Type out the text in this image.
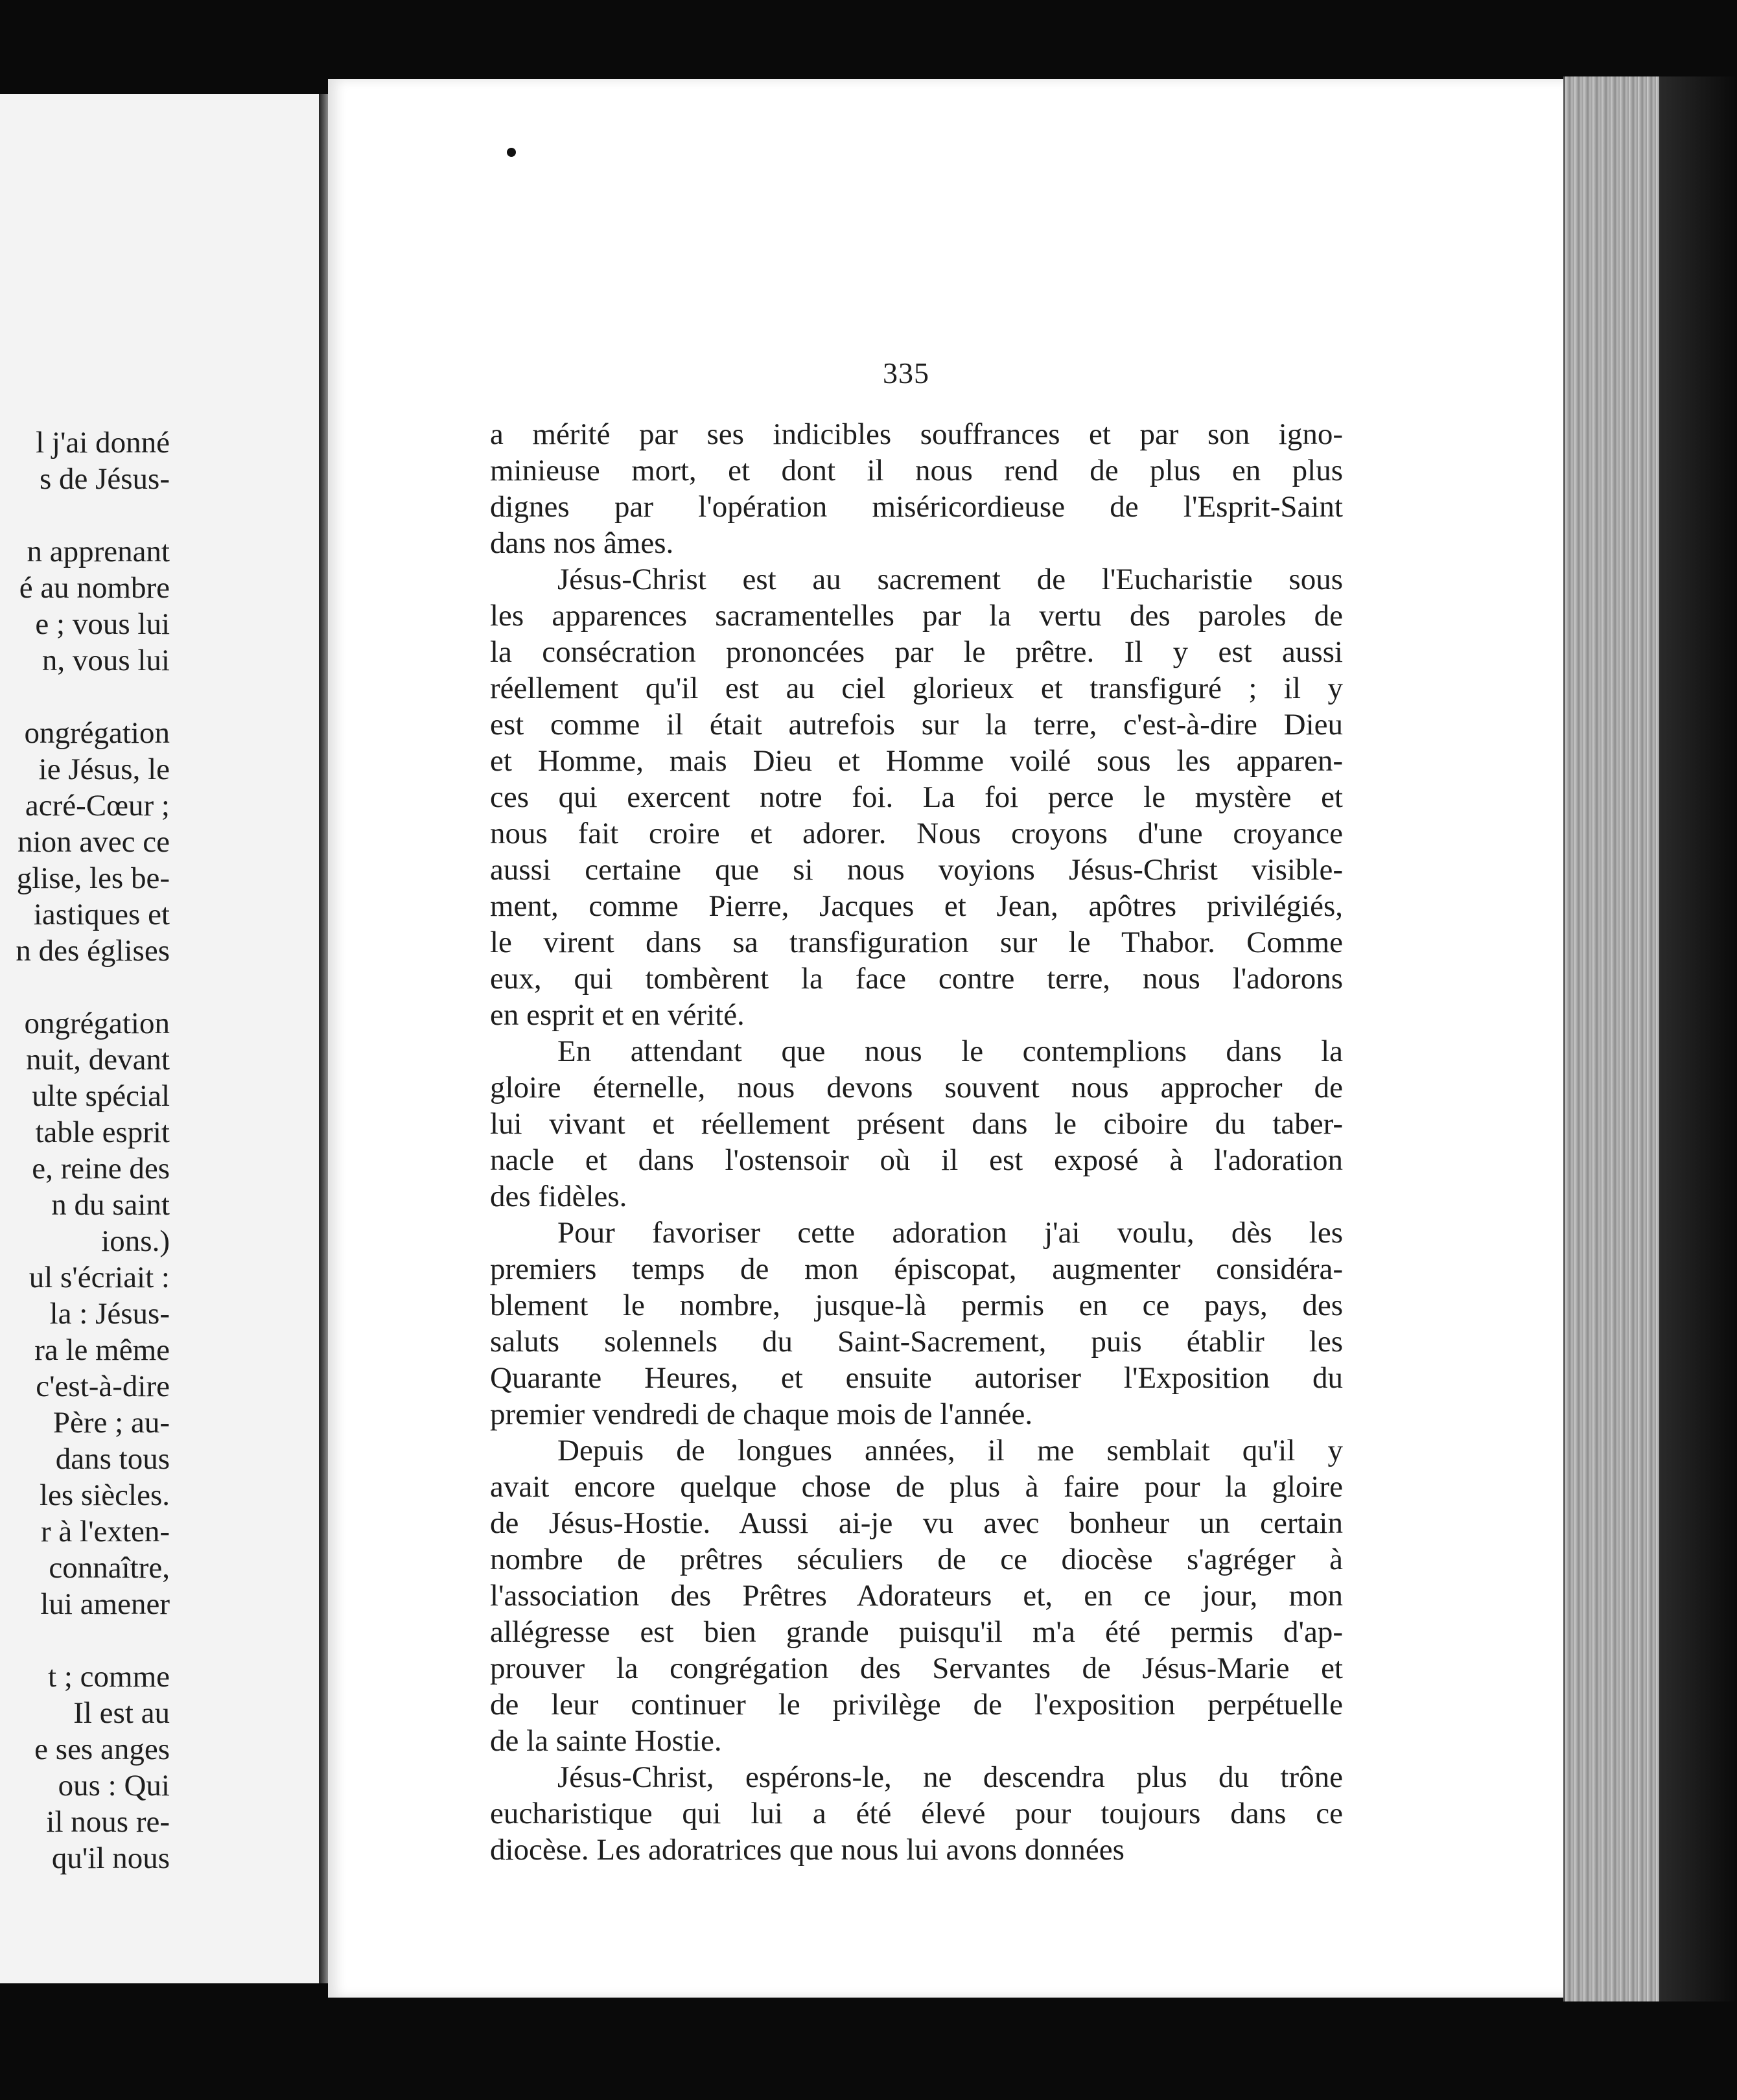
l j'ai donné
s de Jésus-
n apprenant
é au nombre
e ; vous lui
n, vous lui
ongrégation
ie Jésus, le
acré-Cœur ;
nion avec ce
glise, les be-
iastiques et
n des églises
ongrégation
nuit, devant
ulte spécial
table esprit
e, reine des
n du saint
ions.)
ul s'écriait :
la : Jésus-
ra le même
c'est-à-dire
Père ; au-
dans tous
les siècles.
r à l'exten-
connaître,
lui amener
t ; comme
Il est au
e ses anges
ous : Qui
il nous re-
qu'il nous
335
a mérité par ses indicibles souffrances et par son igno-
minieuse mort, et dont il nous rend de plus en plus
dignes par l'opération miséricordieuse de l'Esprit-Saint
dans nos âmes.
Jésus-Christ est au sacrement de l'Eucharistie sous
les apparences sacramentelles par la vertu des paroles de
la consécration prononcées par le prêtre. Il y est aussi
réellement qu'il est au ciel glorieux et transfiguré ; il y
est comme il était autrefois sur la terre, c'est-à-dire Dieu
et Homme, mais Dieu et Homme voilé sous les apparen-
ces qui exercent notre foi. La foi perce le mystère et
nous fait croire et adorer. Nous croyons d'une croyance
aussi certaine que si nous voyions Jésus-Christ visible-
ment, comme Pierre, Jacques et Jean, apôtres privilégiés,
le virent dans sa transfiguration sur le Thabor. Comme
eux, qui tombèrent la face contre terre, nous l'adorons
en esprit et en vérité.
En attendant que nous le contemplions dans la
gloire éternelle, nous devons souvent nous approcher de
lui vivant et réellement présent dans le ciboire du taber-
nacle et dans l'ostensoir où il est exposé à l'adoration
des fidèles.
Pour favoriser cette adoration j'ai voulu, dès les
premiers temps de mon épiscopat, augmenter considéra-
blement le nombre, jusque-là permis en ce pays, des
saluts solennels du Saint-Sacrement, puis établir les
Quarante Heures, et ensuite autoriser l'Exposition du
premier vendredi de chaque mois de l'année.
Depuis de longues années, il me semblait qu'il y
avait encore quelque chose de plus à faire pour la gloire
de Jésus-Hostie. Aussi ai-je vu avec bonheur un certain
nombre de prêtres séculiers de ce diocèse s'agréger à
l'association des Prêtres Adorateurs et, en ce jour, mon
allégresse est bien grande puisqu'il m'a été permis d'ap-
prouver la congrégation des Servantes de Jésus-Marie et
de leur continuer le privilège de l'exposition perpétuelle
de la sainte Hostie.
Jésus-Christ, espérons-le, ne descendra plus du trône
eucharistique qui lui a été élevé pour toujours dans ce
diocèse. Les adoratrices que nous lui avons données
